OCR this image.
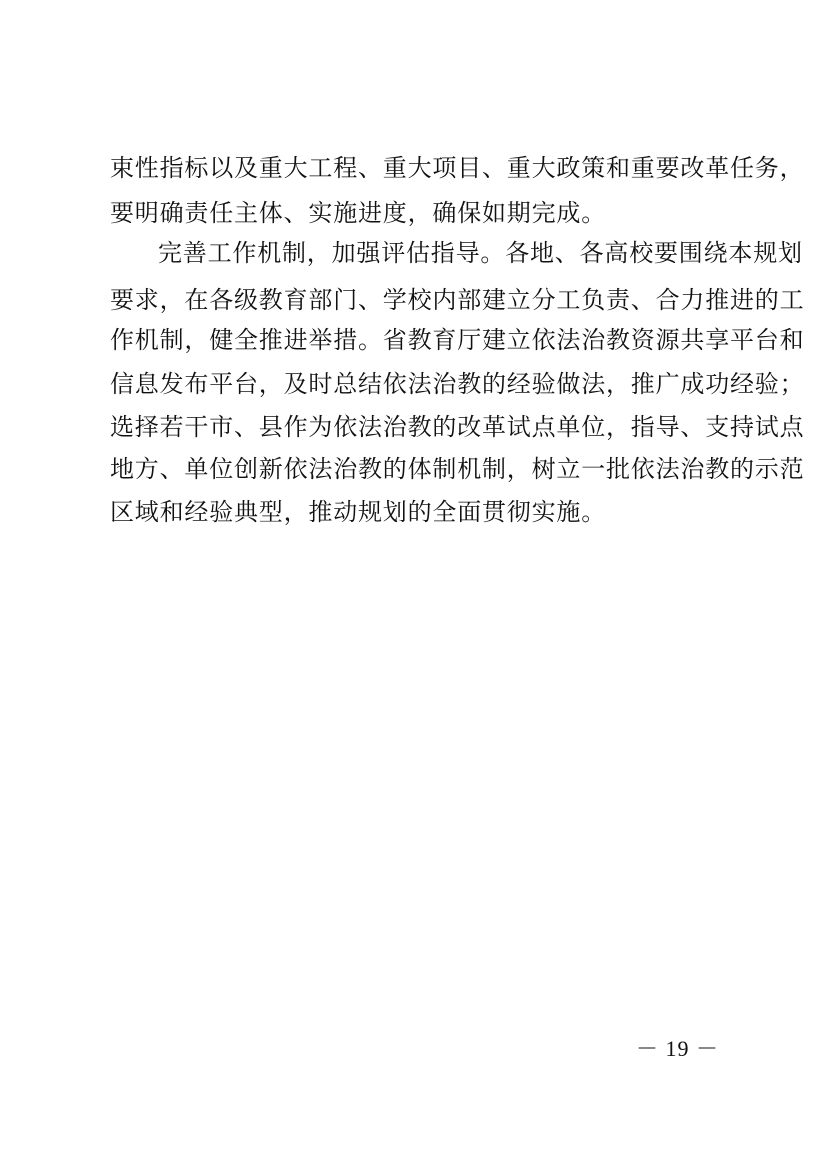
束性指标以及重大工程、重大项目、重大政策和重要改革任务，

要明确责任主体、实施进度，确保如期完成。

完善工作机制，加强评估指导。各地、各高校要围绕本规划

要求，在各级教育部门、学校内部建立分工负责、合力推进的工

作机制，健全推进举措。省教育厅建立依法治教资源共享平台和

信息发布平台，及时总结依法治教的经验做法，推广成功经验；

选择若干市、县作为依法治教的改革试点单位，指导、支持试点

地方、单位创新依法治教的体制机制，树立一批依法治教的示范

区域和经验典型，推动规划的全面贯彻实施。

－ 19 －
